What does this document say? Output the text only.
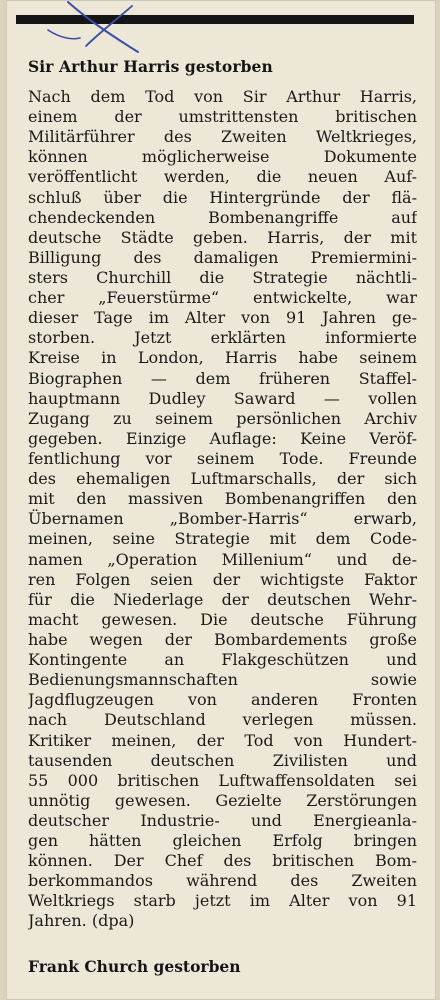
Sir Arthur Harris gestorben
Nach dem Tod von Sir Arthur Harris,
einem der umstrittensten britischen
Militärführer des Zweiten Weltkrieges,
können möglicherweise Dokumente
veröffentlicht werden, die neuen Auf-
schluß über die Hintergründe der flä-
chendeckenden Bombenangriffe auf
deutsche Städte geben. Harris, der mit
Billigung des damaligen Premiermini-
sters Churchill die Strategie nächtli-
cher „Feuerstürme“ entwickelte, war
dieser Tage im Alter von 91 Jahren ge-
storben. Jetzt erklärten informierte
Kreise in London, Harris habe seinem
Biographen — dem früheren Staffel-
hauptmann Dudley Saward — vollen
Zugang zu seinem persönlichen Archiv
gegeben. Einzige Auflage: Keine Veröf-
fentlichung vor seinem Tode. Freunde
des ehemaligen Luftmarschalls, der sich
mit den massiven Bombenangriffen den
Übernamen „Bomber-Harris“ erwarb,
meinen, seine Strategie mit dem Code-
namen „Operation Millenium“ und de-
ren Folgen seien der wichtigste Faktor
für die Niederlage der deutschen Wehr-
macht gewesen. Die deutsche Führung
habe wegen der Bombardements große
Kontingente an Flakgeschützen und
Bedienungsmannschaften sowie
Jagdflugzeugen von anderen Fronten
nach Deutschland verlegen müssen.
Kritiker meinen, der Tod von Hundert-
tausenden deutschen Zivilisten und
55 000 britischen Luftwaffensoldaten sei
unnötig gewesen. Gezielte Zerstörungen
deutscher Industrie- und Energieanla-
gen hätten gleichen Erfolg bringen
können. Der Chef des britischen Bom-
berkommandos während des Zweiten
Weltkriegs starb jetzt im Alter von 91
Jahren. (dpa)
Frank Church gestorben
